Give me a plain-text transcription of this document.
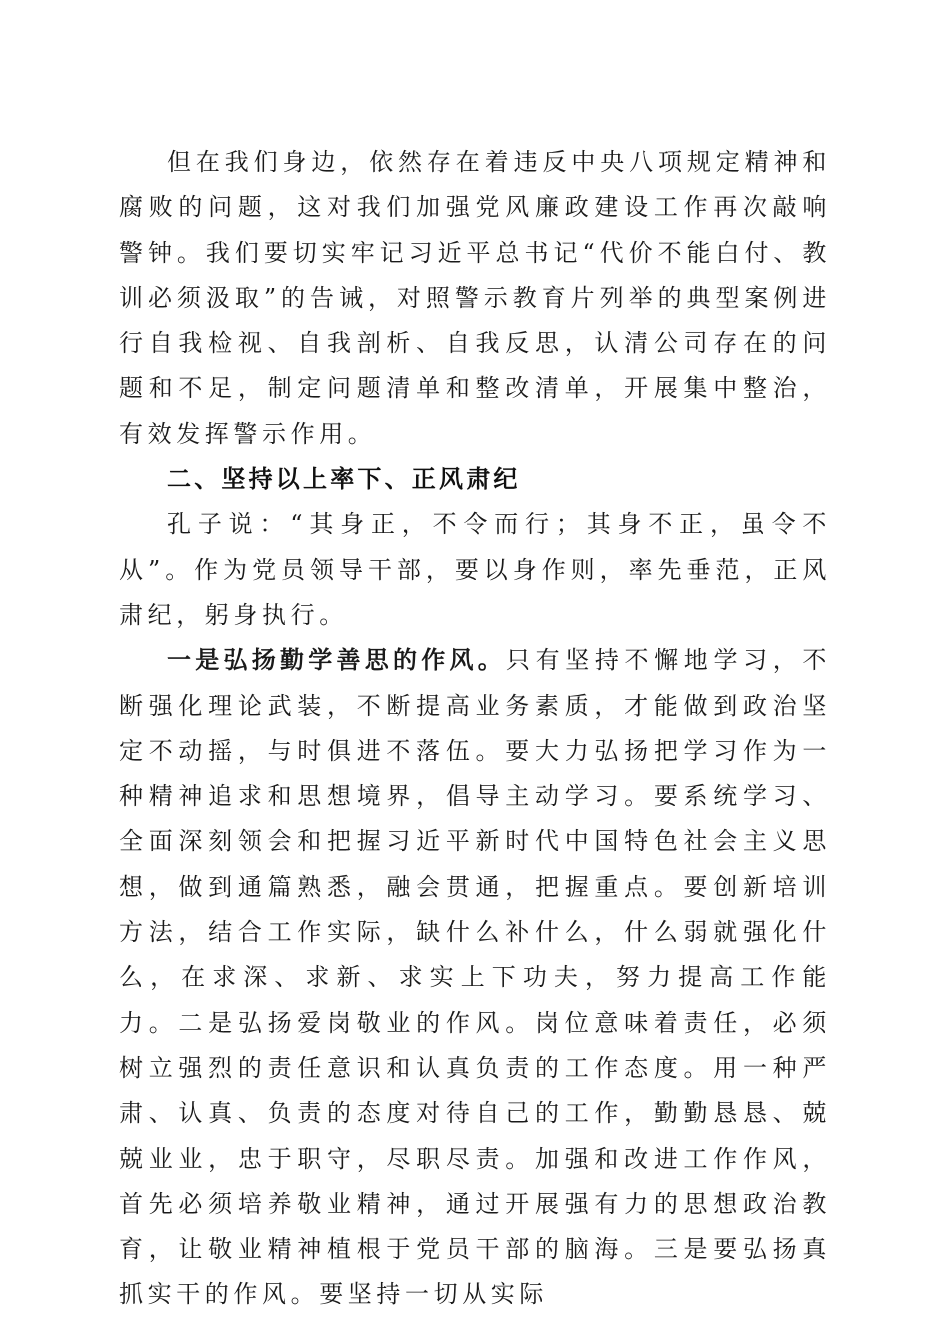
但在我们身边，依然存在着违反中央八项规定精神和腐败的问题，这对我们加强党风廉政建设工作再次敲响警钟。我们要切实牢记习近平总书记“代价不能白付、教训必须汲取”的告诫，对照警示教育片列举的典型案例进行自我检视、自我剖析、自我反思，认清公司存在的问题和不足，制定问题清单和整改清单，开展集中整治，有效发挥警示作用。

二、坚持以上率下、正风肃纪

孔子说：“其身正，不令而行；其身不正，虽令不从”。作为党员领导干部，要以身作则，率先垂范，正风肃纪，躬身执行。

一是弘扬勤学善思的作风。只有坚持不懈地学习，不断强化理论武装，不断提高业务素质，才能做到政治坚定不动摇，与时俱进不落伍。要大力弘扬把学习作为一种精神追求和思想境界，倡导主动学习。要系统学习、全面深刻领会和把握习近平新时代中国特色社会主义思想，做到通篇熟悉，融会贯通，把握重点。要创新培训方法，结合工作实际，缺什么补什么，什么弱就强化什么，在求深、求新、求实上下功夫，努力提高工作能力。二是弘扬爱岗敬业的作风。岗位意味着责任，必须树立强烈的责任意识和认真负责的工作态度。用一种严肃、认真、负责的态度对待自己的工作，勤勤恳恳、兢兢业业，忠于职守，尽职尽责。加强和改进工作作风，首先必须培养敬业精神，通过开展强有力的思想政治教育，让敬业精神植根于党员干部的脑海。三是要弘扬真抓实干的作风。要坚持一切从实际
